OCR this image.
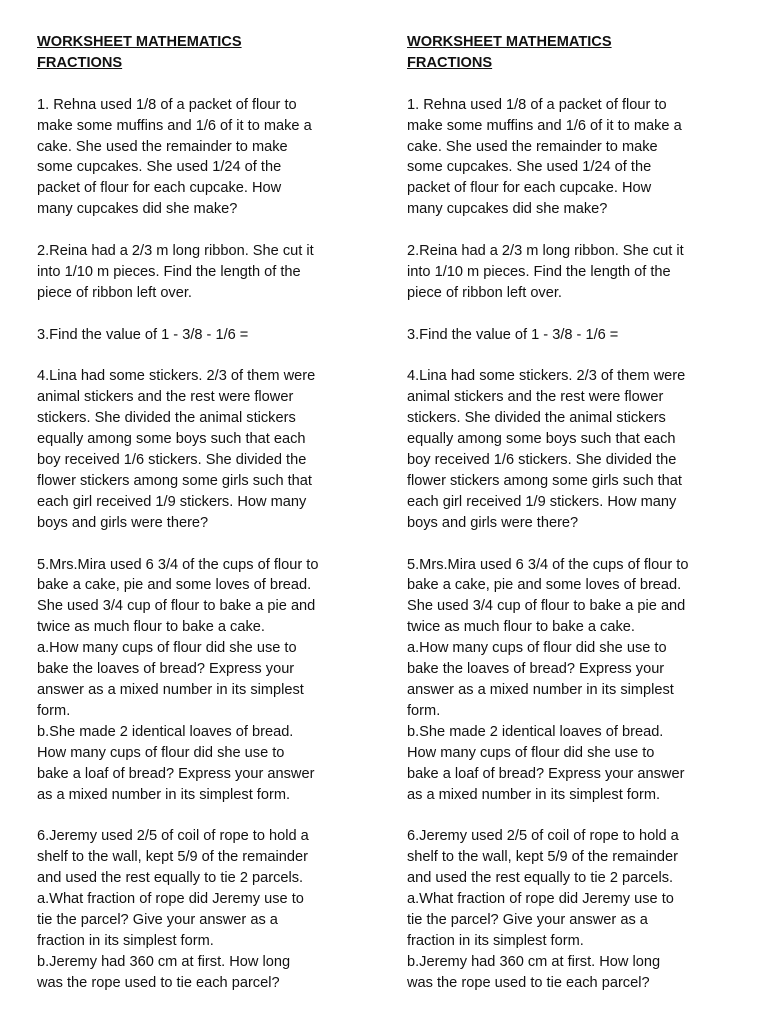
WORKSHEET MATHEMATICS
FRACTIONS
1. Rehna used 1/8 of a packet of flour to
make some muffins and 1/6 of it to make a
cake. She used the remainder to make
some cupcakes. She used 1/24 of the
packet of flour for each cupcake. How
many cupcakes did she make?
2.Reina had a 2/3 m long ribbon. She cut it
into 1/10 m pieces. Find the length of the
piece of ribbon left over.
3.Find the value of 1 - 3/8 - 1/6 =
4.Lina had some stickers. 2/3 of them were
animal stickers and the rest were flower
stickers. She divided the animal stickers
equally among some boys such that each
boy received 1/6 stickers. She divided the
flower stickers among some girls such that
each girl received 1/9 stickers. How many
boys and girls were there?
5.Mrs.Mira used 6 3/4 of the cups of flour to
bake a cake, pie and some loves of bread.
She used 3/4 cup of flour to bake a pie and
twice as much flour to bake a cake.
a.How many cups of flour did she use to
bake the loaves of bread? Express your
answer as a mixed number in its simplest
form.
b.She made 2 identical loaves of bread.
How many cups of flour did she use to
bake a loaf of bread? Express your answer
as a mixed number in its simplest form.
6.Jeremy used 2/5 of coil of rope to hold a
shelf to the wall, kept 5/9 of the remainder
and used the rest equally to tie 2 parcels.
a.What fraction of rope did Jeremy use to
tie the parcel? Give your answer as a
fraction in its simplest form.
b.Jeremy had 360 cm at first. How long
was the rope used to tie each parcel?
WORKSHEET MATHEMATICS
FRACTIONS
1. Rehna used 1/8 of a packet of flour to
make some muffins and 1/6 of it to make a
cake. She used the remainder to make
some cupcakes. She used 1/24 of the
packet of flour for each cupcake. How
many cupcakes did she make?
2.Reina had a 2/3 m long ribbon. She cut it
into 1/10 m pieces. Find the length of the
piece of ribbon left over.
3.Find the value of 1 - 3/8 - 1/6 =
4.Lina had some stickers. 2/3 of them were
animal stickers and the rest were flower
stickers. She divided the animal stickers
equally among some boys such that each
boy received 1/6 stickers. She divided the
flower stickers among some girls such that
each girl received 1/9 stickers. How many
boys and girls were there?
5.Mrs.Mira used 6 3/4 of the cups of flour to
bake a cake, pie and some loves of bread.
She used 3/4 cup of flour to bake a pie and
twice as much flour to bake a cake.
a.How many cups of flour did she use to
bake the loaves of bread? Express your
answer as a mixed number in its simplest
form.
b.She made 2 identical loaves of bread.
How many cups of flour did she use to
bake a loaf of bread? Express your answer
as a mixed number in its simplest form.
6.Jeremy used 2/5 of coil of rope to hold a
shelf to the wall, kept 5/9 of the remainder
and used the rest equally to tie 2 parcels.
a.What fraction of rope did Jeremy use to
tie the parcel? Give your answer as a
fraction in its simplest form.
b.Jeremy had 360 cm at first. How long
was the rope used to tie each parcel?
